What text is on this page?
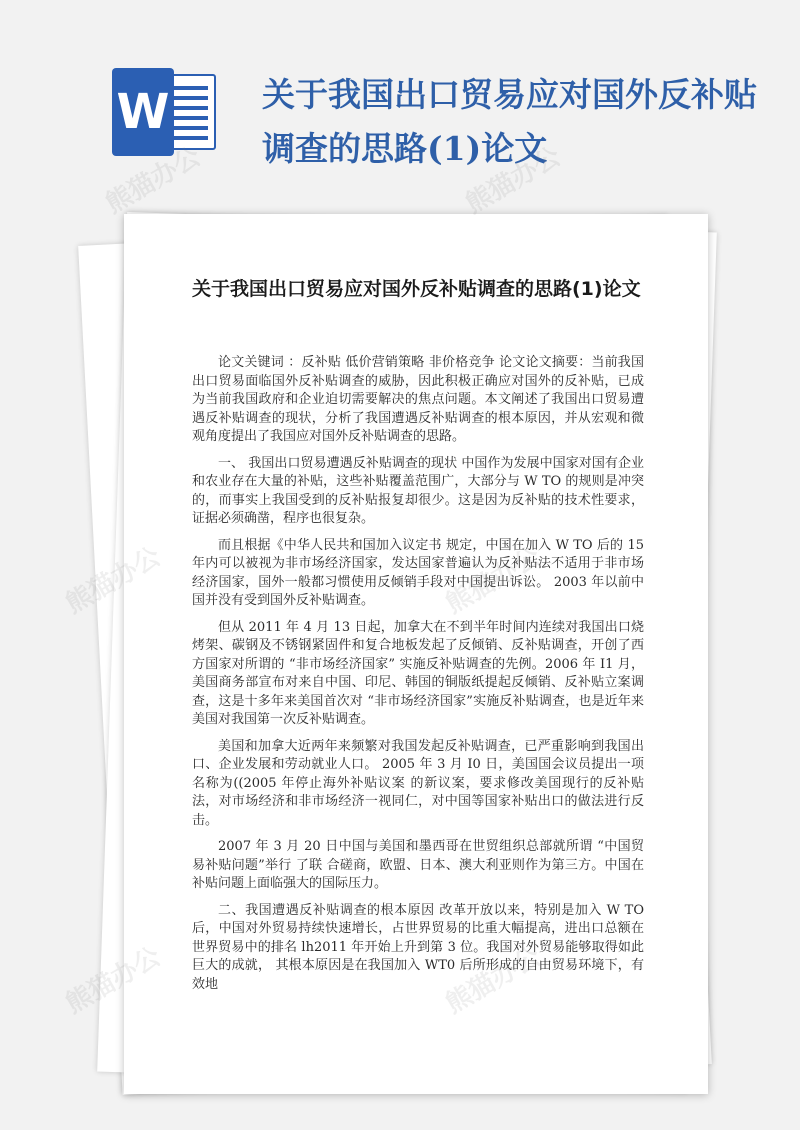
W	关于我国出口贸易应对国外反补贴调查的思路(1)论文
关于我国出口贸易应对国外反补贴调查的思路(1)论文

论文关键词 ：反补贴 低价营销策略 非价格竞争 论文论文摘要：当前我国出口贸易面临国外反补贴调查的威胁，因此积极正确应对国外的反补贴，已成为当前我国政府和企业迫切需要解决的焦点问题。本文阐述了我国出口贸易遭遇反补贴调查的现状，分析了我国遭遇反补贴调查的根本原因，并从宏观和微观角度提出了我国应对国外反补贴调查的思路。

一、 我国出口贸易遭遇反补贴调查的现状 中国作为发展中国家对国有企业和农业存在大量的补贴，这些补贴覆盖范围广，大部分与 W TO 的规则是冲突的，而事实上我国受到的反补贴报复却很少。这是因为反补贴的技术性要求，证据必须确凿，程序也很复杂。

而且根据《中华人民共和国加入议定书 规定，中国在加入 W TO 后的 15 年内可以被视为非市场经济国家，发达国家普遍认为反补贴法不适用于非市场经济国家，国外一般都习惯使用反倾销手段对中国提出诉讼。 2003 年以前中国并没有受到国外反补贴调查。

但从 2011 年 4 月 13 日起，加拿大在不到半年时间内连续对我国出口烧烤架、碳钢及不锈钢紧固件和复合地板发起了反倾销、反补贴调查，开创了西方国家对所谓的 “非市场经济国家” 实施反补贴调查的先例。2006 年 I1 月，美国商务部宣布对来自中国、印尼、韩国的铜版纸提起反倾销、反补贴立案调查，这是十多年来美国首次对 “非市场经济国家”实施反补贴调查，也是近年来美国对我国第一次反补贴调查。

美国和加拿大近两年来频繁对我国发起反补贴调查，已严重影响到我国出口、企业发展和劳动就业人口。 2005 年 3 月 I0 日，美国国会议员提出一项名称为((2005 年停止海外补贴议案 的新议案，要求修改美国现行的反补贴法，对市场经济和非市场经济一视同仁，对中国等国家补贴出口的做法进行反击。

2007 年 3 月 20 日中国与美国和墨西哥在世贸组织总部就所谓 “中国贸易补贴问题”举行 了联 合磋商，欧盟、日本、澳大利亚则作为第三方。中国在补贴问题上面临强大的国际压力。

二、我国遭遇反补贴调查的根本原因 改革开放以来，特别是加入 W TO 后，中国对外贸易持续快速增长，占世界贸易的比重大幅提高，进出口总额在世界贸易中的排名 lh2011 年开始上升到第 3 位。我国对外贸易能够取得如此巨大的成就， 其根本原因是在我国加入 WT0 后所形成的自由贸易环境下，有效地

熊猫办公	熊猫办公
